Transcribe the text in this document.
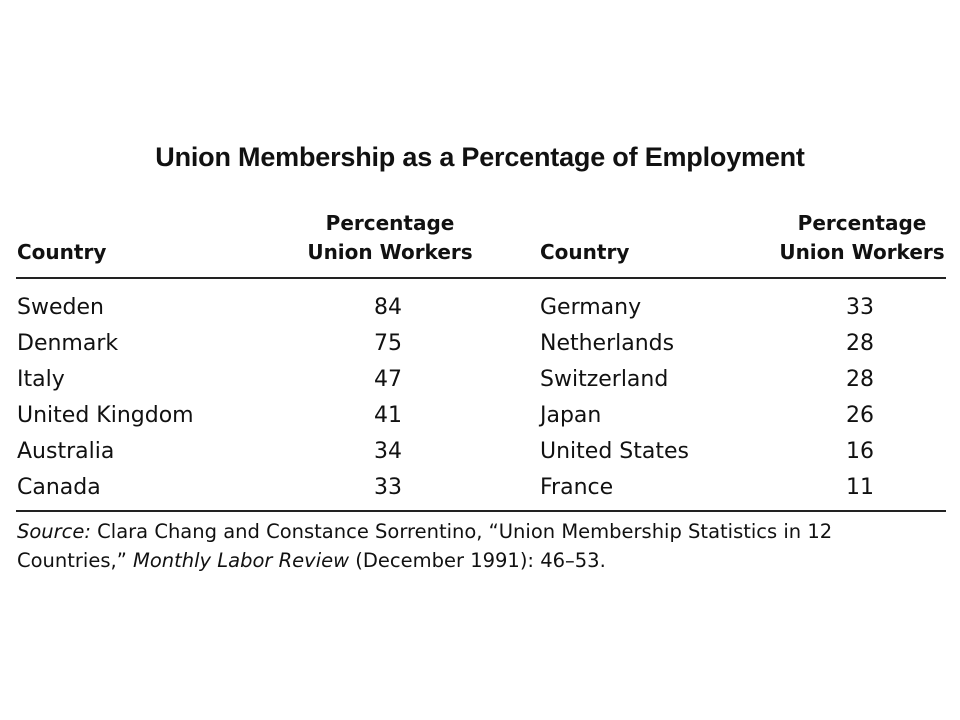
Union Membership as a Percentage of Employment
Country
Percentage
Union Workers	Country
Percentage
Union Workers
Sweden
Denmark
Italy
United Kingdom
Australia
Canada
84
75
47
41
34
33
Germany
Netherlands
Switzerland
Japan
United States
France
33
28
28
26
16
11
Source: Clara Chang and Constance Sorrentino, “Union Membership Statistics in 12 Countries,” Monthly Labor Review (December 1991): 46–53.
